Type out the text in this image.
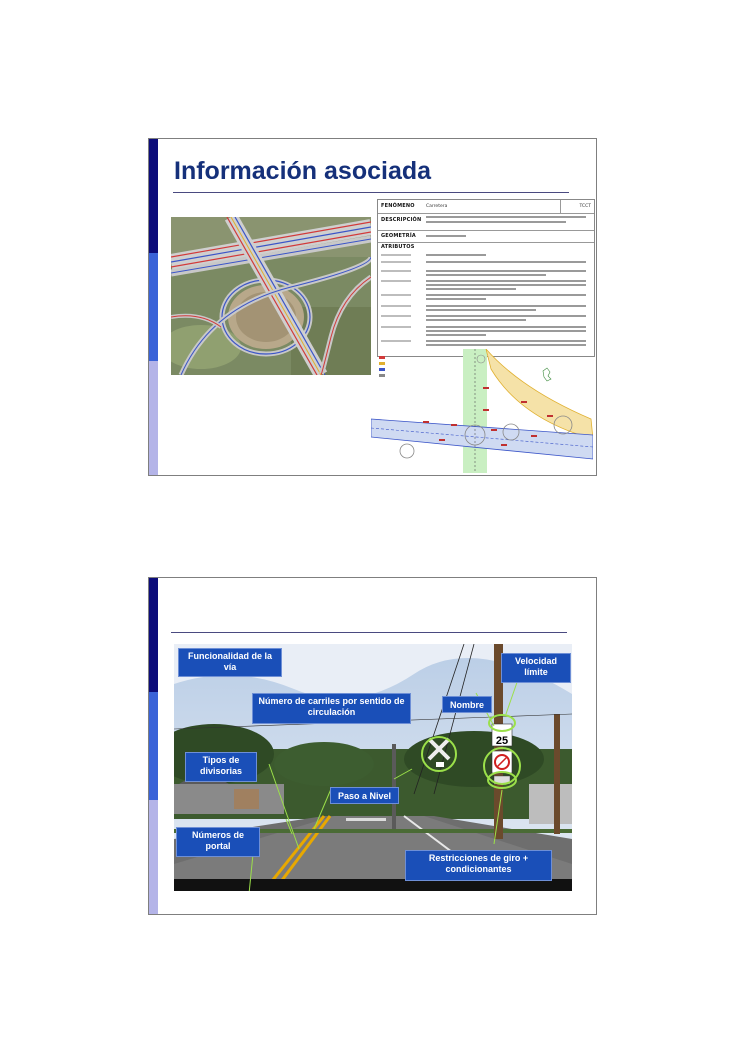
Información asociada
FENÓMENO	Carretera	TCCT
DESCRIPCIÓN
GEOMETRÍA
ATRIBUTOS
25
Funcionalidad de la vía
Velocidad límite
Número de carriles por sentido de circulación
Nombre
Tipos de divisorias
Paso a Nivel
Números de portal
Restricciones de giro + condicionantes
